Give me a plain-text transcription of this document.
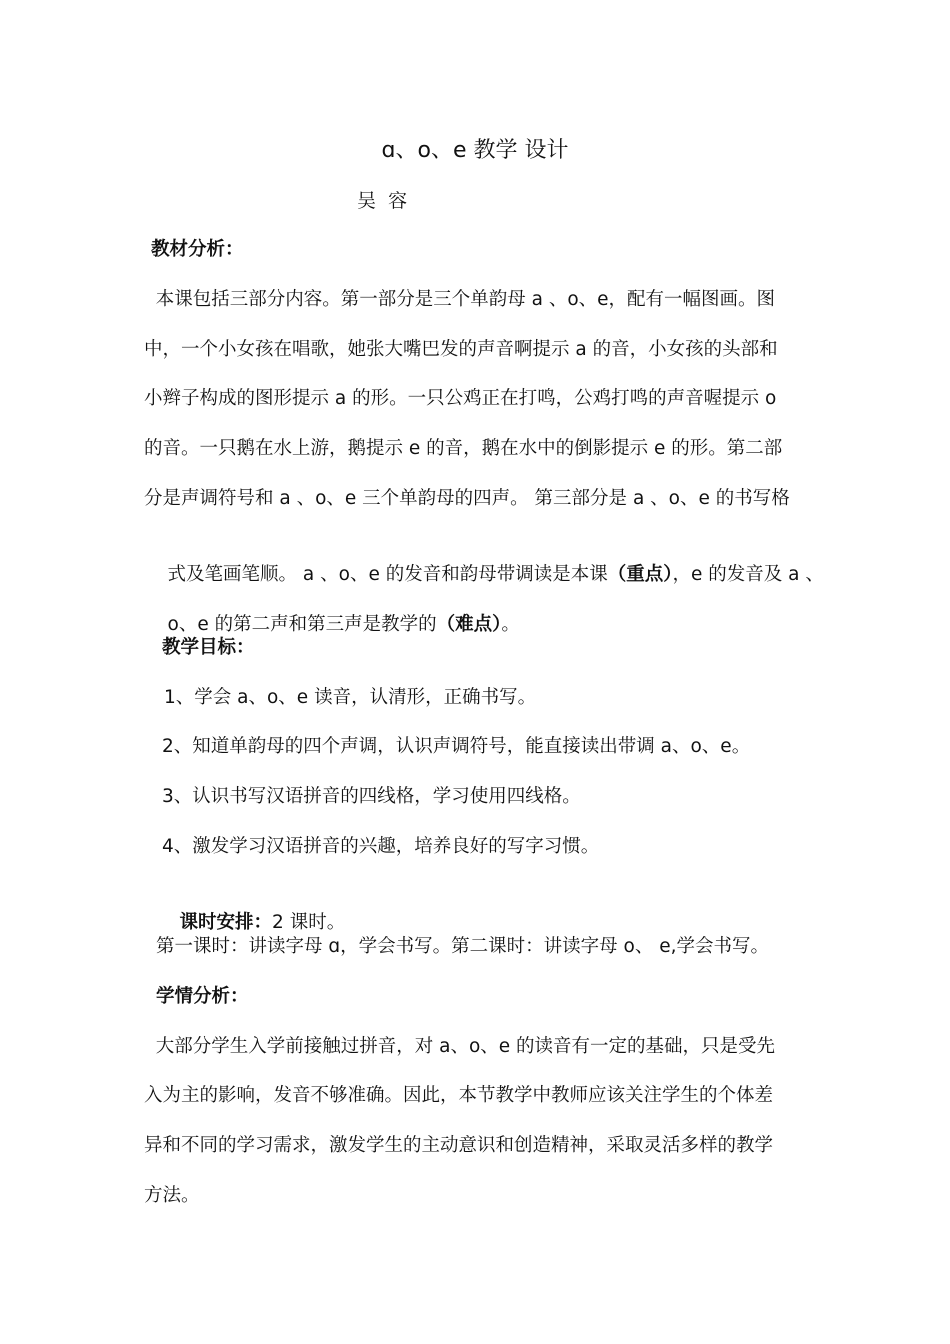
ɑ、o、e 教学 设计
吴  容
教材分析：
本课包括三部分内容。第一部分是三个单韵母 a 、o、e，配有一幅图画。图
中，一个小女孩在唱歌，她张大嘴巴发的声音啊提示 a 的音，小女孩的头部和
小辫子构成的图形提示 a 的形。一只公鸡正在打鸣，公鸡打鸣的声音喔提示 o
的音。一只鹅在水上游，鹅提示 e 的音，鹅在水中的倒影提示 e 的形。第二部
分是声调符号和 a 、o、e 三个单韵母的四声。 第三部分是 a 、o、e 的书写格

式及笔画笔顺。 a 、o、e 的发音和韵母带调读是本课（重点），e 的发音及 a 、

o、e 的第二声和第三声是教学的（难点）。

教学目标：
1、学会 a、o、e 读音，认清形，正确书写。
2、知道单韵母的四个声调，认识声调符号，能直接读出带调 a、o、e。
3、认识书写汉语拼音的四线格，学习使用四线格。
4、激发学习汉语拼音的兴趣，培养良好的写字习惯。

课时安排：2 课时。

第一课时：讲读字母 ɑ，学会书写。第二课时：讲读字母 o、 e,学会书写。
学情分析：
大部分学生入学前接触过拼音，对 a、o、e 的读音有一定的基础，只是受先
入为主的影响，发音不够准确。因此，本节教学中教师应该关注学生的个体差
异和不同的学习需求，激发学生的主动意识和创造精神，采取灵活多样的教学
方法。
